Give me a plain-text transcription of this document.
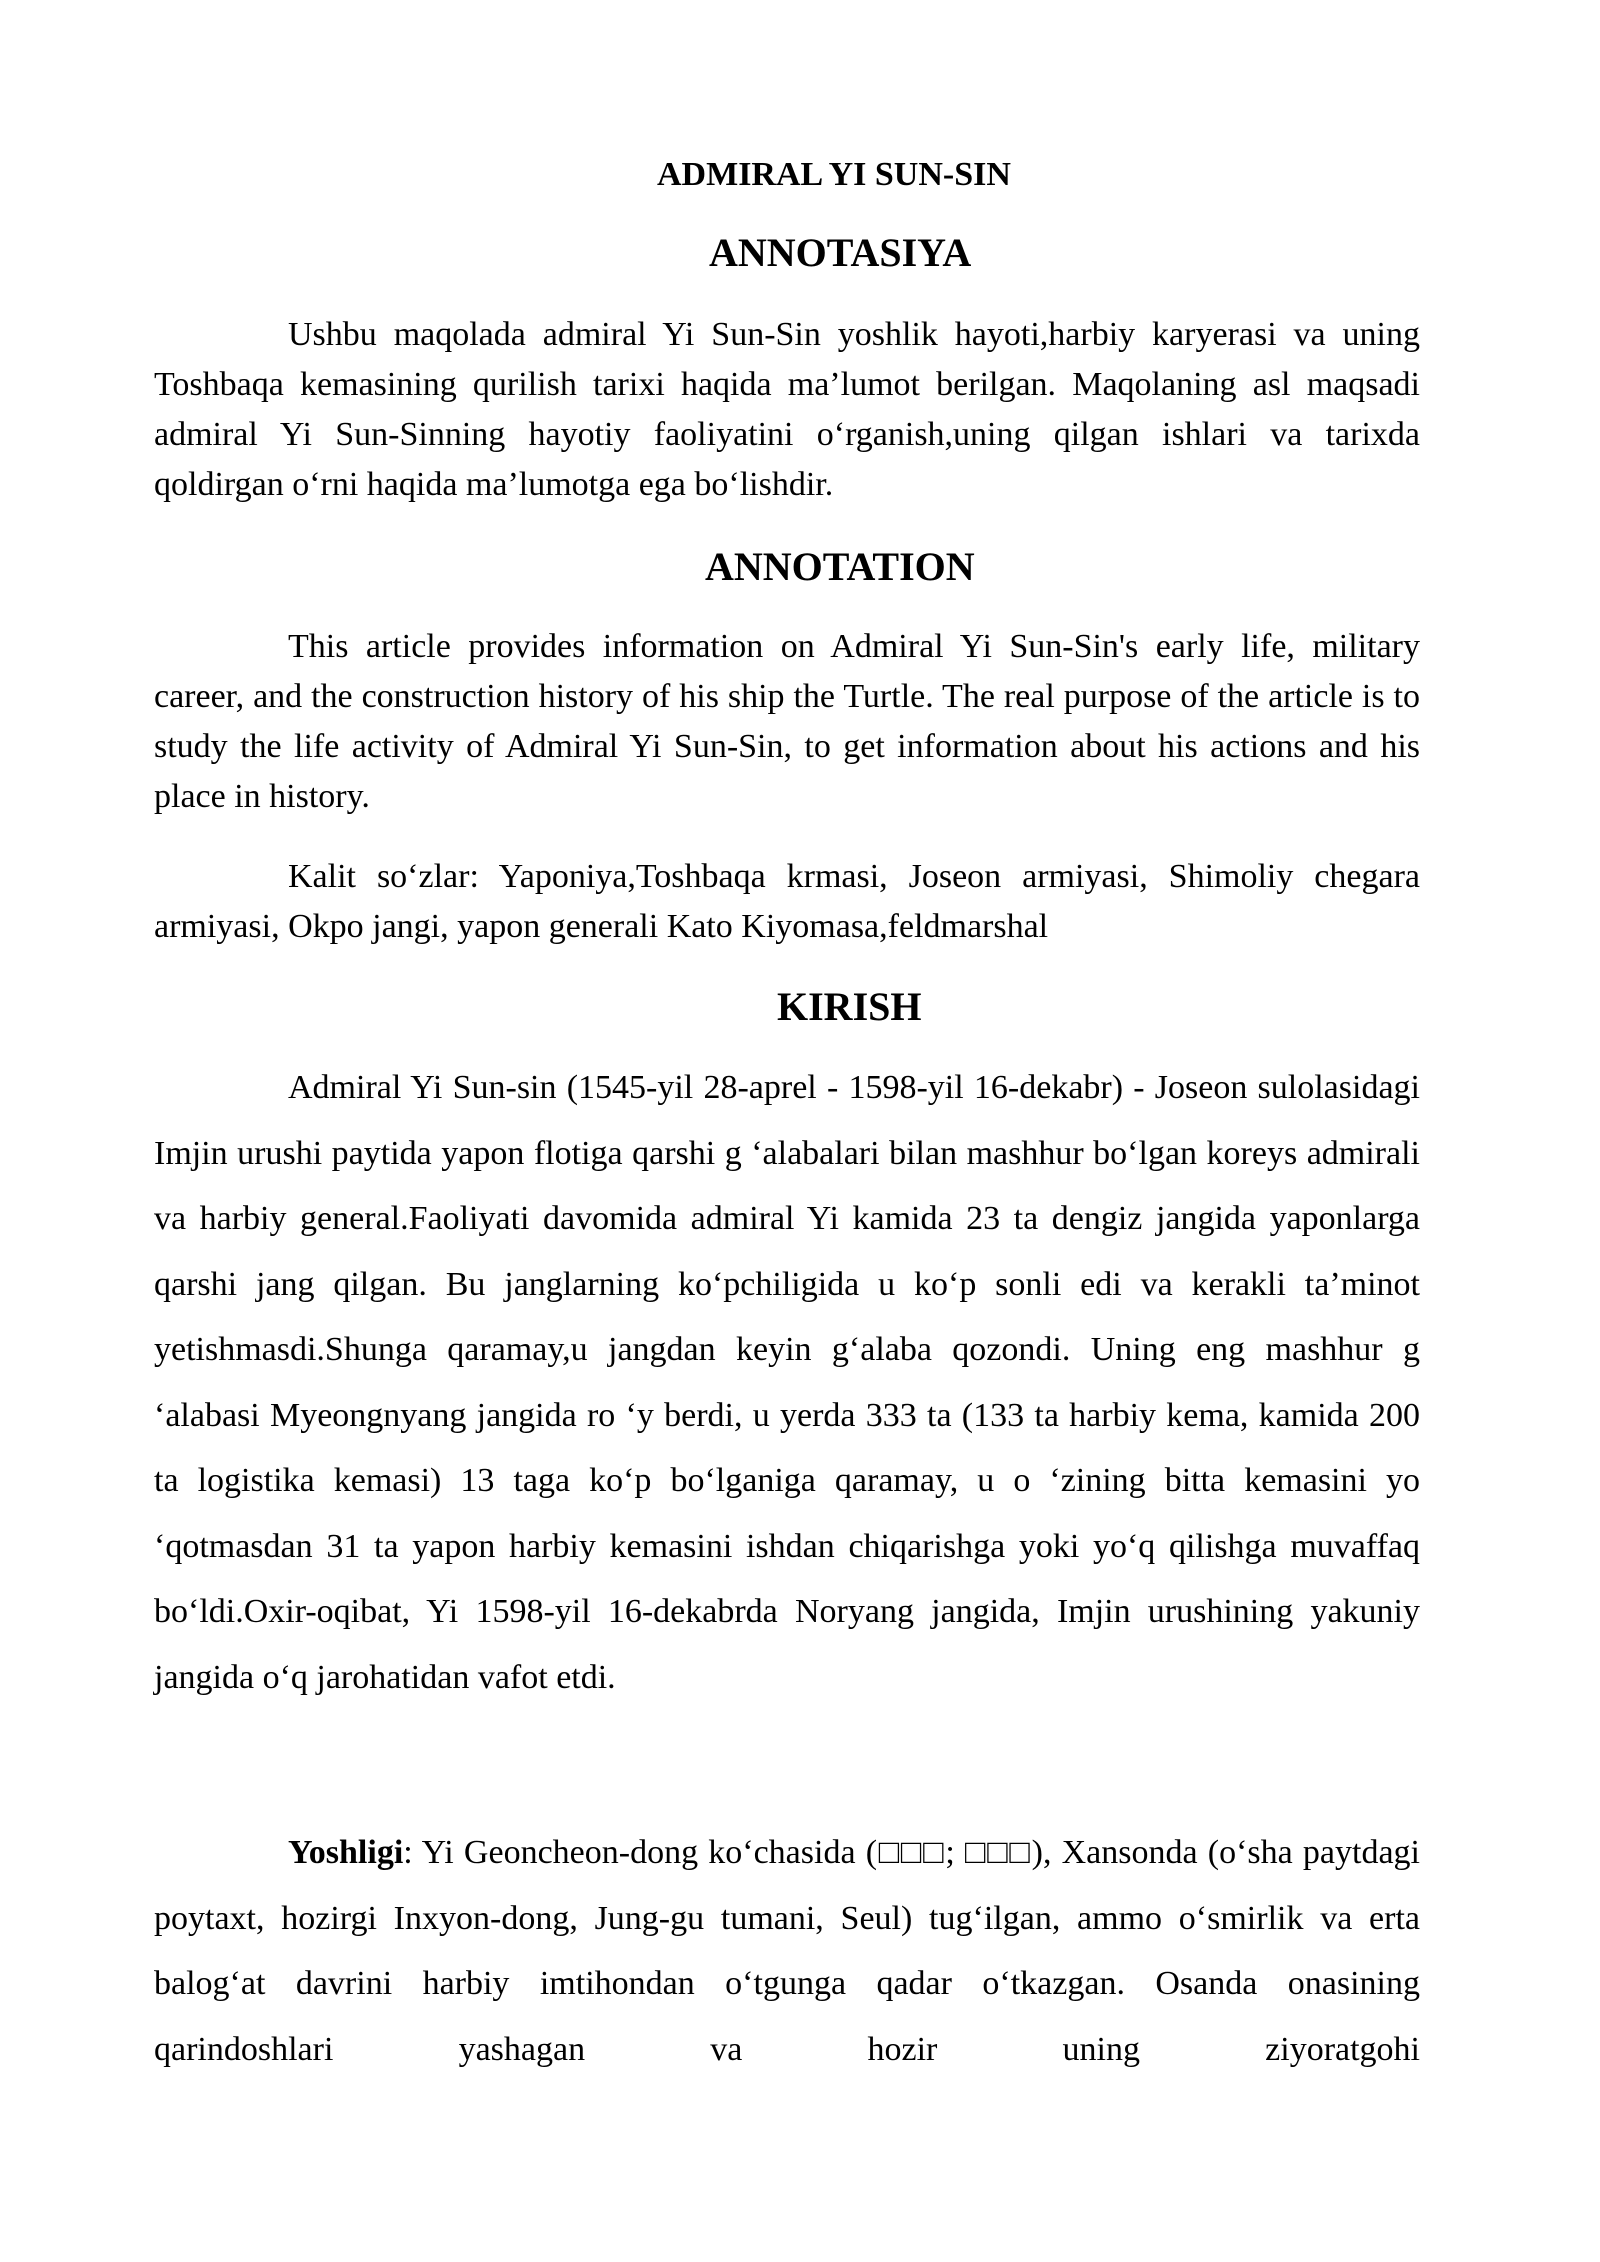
ADMIRAL YI SUN-SIN
ANNOTASIYA

Ushbu maqolada admiral Yi Sun-Sin yoshlik hayoti,harbiy karyerasi va uning Toshbaqa kemasining qurilish tarixi haqida ma’lumot berilgan. Maqolaning asl maqsadi admiral Yi Sun-Sinning hayotiy faoliyatini o‘rganish,uning qilgan ishlari va tarixda qoldirgan o‘rni haqida ma’lumotga ega bo‘lishdir.

ANNOTATION

This article provides information on Admiral Yi Sun-Sin's early life, military career, and the construction history of his ship the Turtle. The real purpose of the article is to study the life activity of Admiral Yi Sun-Sin, to get information about his actions and his place in history.

Kalit so‘zlar: Yaponiya,Toshbaqa krmasi, Joseon armiyasi, Shimoliy chegara armiyasi, Okpo jangi, yapon generali Kato Kiyomasa,feldmarshal

KIRISH

Admiral Yi Sun-sin (1545-yil 28-aprel - 1598-yil 16-dekabr) - Joseon sulolasidagi Imjin urushi paytida yapon flotiga qarshi g ‘alabalari bilan mashhur bo‘lgan koreys admirali va harbiy general.Faoliyati davomida admiral Yi kamida 23 ta dengiz jangida yaponlarga qarshi jang qilgan. Bu janglarning ko‘pchiligida u ko‘p sonli edi va kerakli ta’minot yetishmasdi.Shunga qaramay,u jangdan keyin g‘alaba qozondi. Uning eng mashhur g ‘alabasi Myeongnyang jangida ro ‘y berdi, u yerda 333 ta (133 ta harbiy kema, kamida 200 ta logistika kemasi) 13 taga ko‘p bo‘lganiga qaramay, u o ‘zining bitta kemasini yo ‘qotmasdan 31 ta yapon harbiy kemasini ishdan chiqarishga yoki yo‘q qilishga muvaffaq bo‘ldi.Oxir-oqibat, Yi 1598-yil 16-dekabrda Noryang jangida, Imjin urushining yakuniy jangida o‘q jarohatidan vafot etdi.

Yoshligi: Yi Geoncheon-dong ko‘chasida (□□□; □□□), Xansonda (o‘sha paytdagi poytaxt, hozirgi Inxyon-dong, Jung-gu tumani, Seul) tug‘ilgan, ammo o‘smirlik va erta balog‘at davrini harbiy imtihondan o‘tgunga qadar o‘tkazgan. Osanda onasining qarindoshlari yashagan va hozir uning ziyoratgohi
